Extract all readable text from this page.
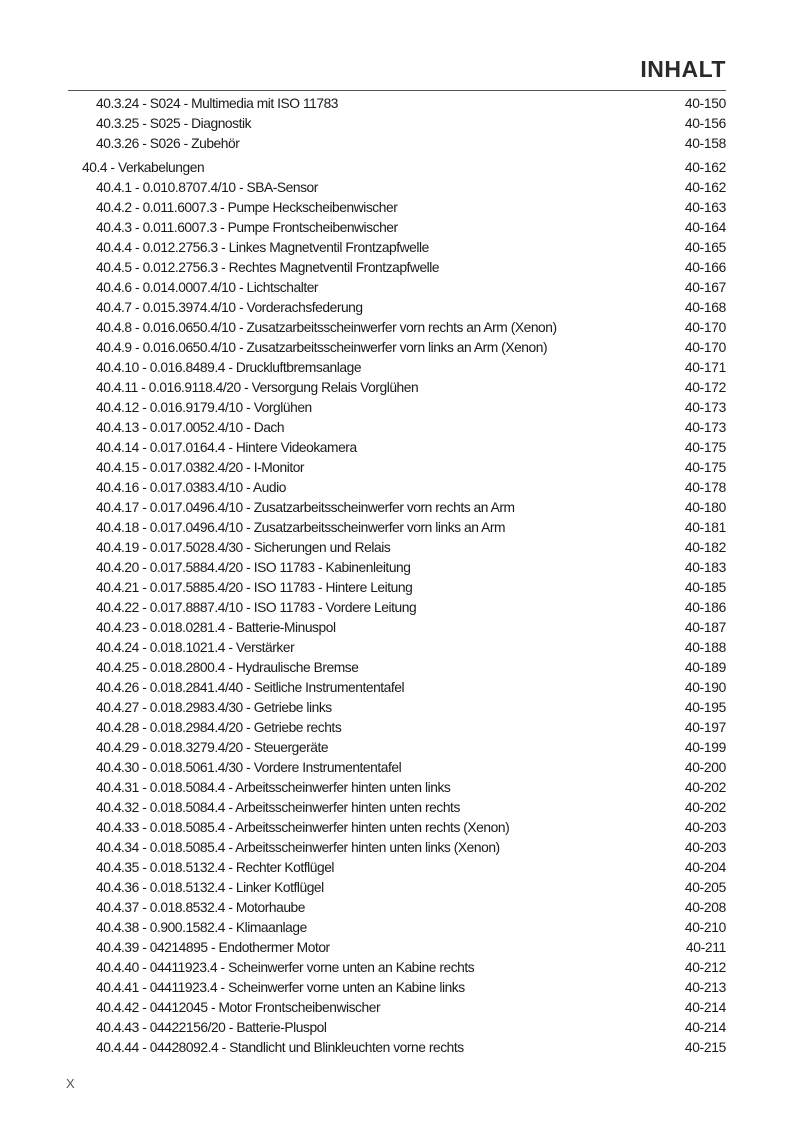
INHALT
40.3.24 - S024 - Multimedia mit ISO 11783	40-150
40.3.25 - S025 - Diagnostik	40-156
40.3.26 - S026 - Zubehör	40-158
40.4 - Verkabelungen	40-162
40.4.1 - 0.010.8707.4/10 - SBA-Sensor	40-162
40.4.2 - 0.011.6007.3 - Pumpe Heckscheibenwischer	40-163
40.4.3 - 0.011.6007.3 - Pumpe Frontscheibenwischer	40-164
40.4.4 - 0.012.2756.3 - Linkes Magnetventil Frontzapfwelle	40-165
40.4.5 - 0.012.2756.3 - Rechtes Magnetventil Frontzapfwelle	40-166
40.4.6 - 0.014.0007.4/10 - Lichtschalter	40-167
40.4.7 - 0.015.3974.4/10 - Vorderachsfederung	40-168
40.4.8 - 0.016.0650.4/10 - Zusatzarbeitsscheinwerfer vorn rechts an Arm (Xenon)	40-170
40.4.9 - 0.016.0650.4/10 - Zusatzarbeitsscheinwerfer vorn links an Arm (Xenon)	40-170
40.4.10 - 0.016.8489.4 - Druckluftbremsanlage	40-171
40.4.11 - 0.016.9118.4/20 - Versorgung Relais Vorglühen	40-172
40.4.12 - 0.016.9179.4/10 - Vorglühen	40-173
40.4.13 - 0.017.0052.4/10 - Dach	40-173
40.4.14 - 0.017.0164.4 - Hintere Videokamera	40-175
40.4.15 - 0.017.0382.4/20 - I-Monitor	40-175
40.4.16 - 0.017.0383.4/10 - Audio	40-178
40.4.17 - 0.017.0496.4/10 - Zusatzarbeitsscheinwerfer vorn rechts an Arm	40-180
40.4.18 - 0.017.0496.4/10 - Zusatzarbeitsscheinwerfer vorn links an Arm	40-181
40.4.19 - 0.017.5028.4/30 - Sicherungen und Relais	40-182
40.4.20 - 0.017.5884.4/20 - ISO 11783 - Kabinenleitung	40-183
40.4.21 - 0.017.5885.4/20 - ISO 11783 - Hintere Leitung	40-185
40.4.22 - 0.017.8887.4/10 - ISO 11783 - Vordere Leitung	40-186
40.4.23 - 0.018.0281.4 - Batterie-Minuspol	40-187
40.4.24 - 0.018.1021.4 - Verstärker	40-188
40.4.25 - 0.018.2800.4 - Hydraulische Bremse	40-189
40.4.26 - 0.018.2841.4/40 - Seitliche Instrumententafel	40-190
40.4.27 - 0.018.2983.4/30 - Getriebe links	40-195
40.4.28 - 0.018.2984.4/20 - Getriebe rechts	40-197
40.4.29 - 0.018.3279.4/20 - Steuergeräte	40-199
40.4.30 - 0.018.5061.4/30 - Vordere Instrumententafel	40-200
40.4.31 - 0.018.5084.4 - Arbeitsscheinwerfer hinten unten links	40-202
40.4.32 - 0.018.5084.4 - Arbeitsscheinwerfer hinten unten rechts	40-202
40.4.33 - 0.018.5085.4 - Arbeitsscheinwerfer hinten unten rechts (Xenon)	40-203
40.4.34 - 0.018.5085.4 - Arbeitsscheinwerfer hinten unten links (Xenon)	40-203
40.4.35 - 0.018.5132.4 - Rechter Kotflügel	40-204
40.4.36 - 0.018.5132.4 - Linker Kotflügel	40-205
40.4.37 - 0.018.8532.4 - Motorhaube	40-208
40.4.38 - 0.900.1582.4 - Klimaanlage	40-210
40.4.39 - 04214895 - Endothermer Motor	40-211
40.4.40 - 04411923.4 - Scheinwerfer vorne unten an Kabine rechts	40-212
40.4.41 - 04411923.4 - Scheinwerfer vorne unten an Kabine links	40-213
40.4.42 - 04412045 - Motor Frontscheibenwischer	40-214
40.4.43 - 04422156/20 - Batterie-Pluspol	40-214
40.4.44 - 04428092.4 - Standlicht und Blinkleuchten vorne rechts	40-215
X
